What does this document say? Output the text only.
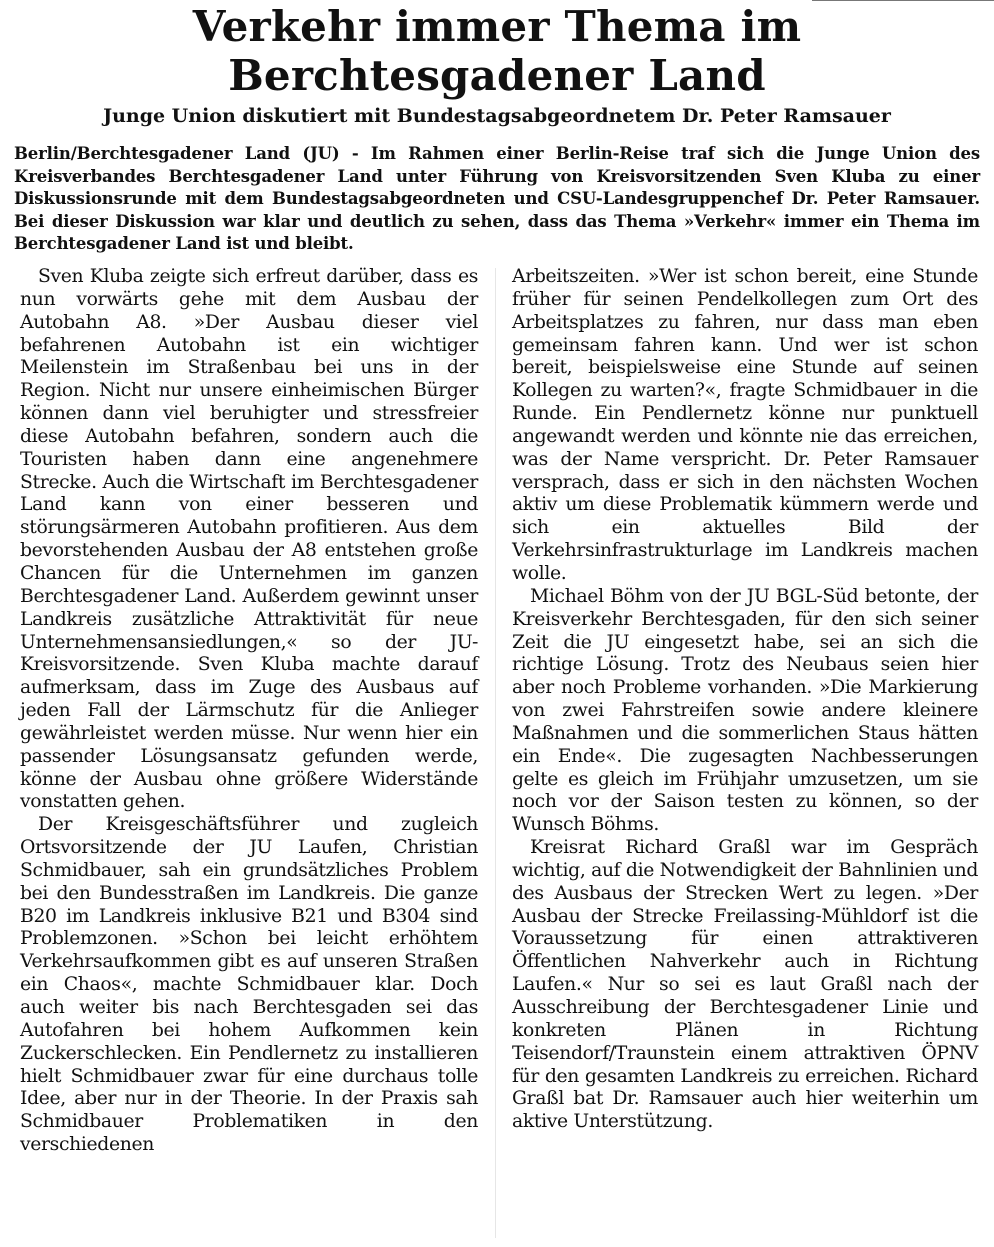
Verkehr immer Thema im Berchtesgadener Land
Junge Union diskutiert mit Bundestagsabgeordnetem Dr. Peter Ramsauer

Berlin/Berchtesgadener Land (JU) - Im Rahmen einer Berlin-Reise traf sich die Junge Union des Kreisverbandes Berchtesgadener Land unter Führung von Kreisvorsitzenden Sven Kluba zu einer Diskussionsrunde mit dem Bundestagsabgeordneten und CSU-Landesgruppenchef Dr. Peter Ramsauer. Bei dieser Diskussion war klar und deutlich zu sehen, dass das Thema »Verkehr« immer ein Thema im Berchtesgadener Land ist und bleibt.

Sven Kluba zeigte sich erfreut darüber, dass es nun vorwärts gehe mit dem Ausbau der Autobahn A8. »Der Ausbau dieser viel befahrenen Autobahn ist ein wichtiger Meilenstein im Straßenbau bei uns in der Region. Nicht nur unsere einheimischen Bürger können dann viel beruhigter und stressfreier diese Autobahn befahren, sondern auch die Touristen haben dann eine angenehmere Strecke. Auch die Wirtschaft im Berchtesgadener Land kann von einer besseren und störungsärmeren Autobahn profitieren. Aus dem bevorstehenden Ausbau der A8 entstehen große Chancen für die Unternehmen im ganzen Berchtesgadener Land. Außerdem gewinnt unser Landkreis zusätzliche Attraktivität für neue Unternehmensansiedlungen,« so der JU-Kreisvorsitzende. Sven Kluba machte darauf aufmerksam, dass im Zuge des Ausbaus auf jeden Fall der Lärmschutz für die Anlieger gewährleistet werden müsse. Nur wenn hier ein passender Lösungsansatz gefunden werde, könne der Ausbau ohne größere Widerstände vonstatten gehen.

Der Kreisgeschäftsführer und zugleich Ortsvorsitzende der JU Laufen, Christian Schmidbauer, sah ein grundsätzliches Problem bei den Bundesstraßen im Landkreis. Die ganze B20 im Landkreis inklusive B21 und B304 sind Problemzonen. »Schon bei leicht erhöhtem Verkehrsaufkommen gibt es auf unseren Straßen ein Chaos«, machte Schmidbauer klar. Doch auch weiter bis nach Berchtesgaden sei das Autofahren bei hohem Aufkommen kein Zuckerschlecken. Ein Pendlernetz zu installieren hielt Schmidbauer zwar für eine durchaus tolle Idee, aber nur in der Theorie. In der Praxis sah Schmidbauer Problematiken in den verschiedenen

Arbeitszeiten. »Wer ist schon bereit, eine Stunde früher für seinen Pendelkollegen zum Ort des Arbeitsplatzes zu fahren, nur dass man eben gemeinsam fahren kann. Und wer ist schon bereit, beispielsweise eine Stunde auf seinen Kollegen zu warten?«, fragte Schmidbauer in die Runde. Ein Pendlernetz könne nur punktuell angewandt werden und könnte nie das erreichen, was der Name verspricht. Dr. Peter Ramsauer versprach, dass er sich in den nächsten Wochen aktiv um diese Problematik kümmern werde und sich ein aktuelles Bild der Verkehrsinfrastrukturlage im Landkreis machen wolle.

Michael Böhm von der JU BGL-Süd betonte, der Kreisverkehr Berchtesgaden, für den sich seiner Zeit die JU eingesetzt habe, sei an sich die richtige Lösung. Trotz des Neubaus seien hier aber noch Probleme vorhanden. »Die Markierung von zwei Fahrstreifen sowie andere kleinere Maßnahmen und die sommerlichen Staus hätten ein Ende«. Die zugesagten Nachbesserungen gelte es gleich im Frühjahr umzusetzen, um sie noch vor der Saison testen zu können, so der Wunsch Böhms.

Kreisrat Richard Graßl war im Gespräch wichtig, auf die Notwendigkeit der Bahnlinien und des Ausbaus der Strecken Wert zu legen. »Der Ausbau der Strecke Freilassing-Mühldorf ist die Voraussetzung für einen attraktiveren Öffentlichen Nahverkehr auch in Richtung Laufen.« Nur so sei es laut Graßl nach der Ausschreibung der Berchtesgadener Linie und konkreten Plänen in Richtung Teisendorf/Traunstein einem attraktiven ÖPNV für den gesamten Landkreis zu erreichen. Richard Graßl bat Dr. Ramsauer auch hier weiterhin um aktive Unterstützung.
